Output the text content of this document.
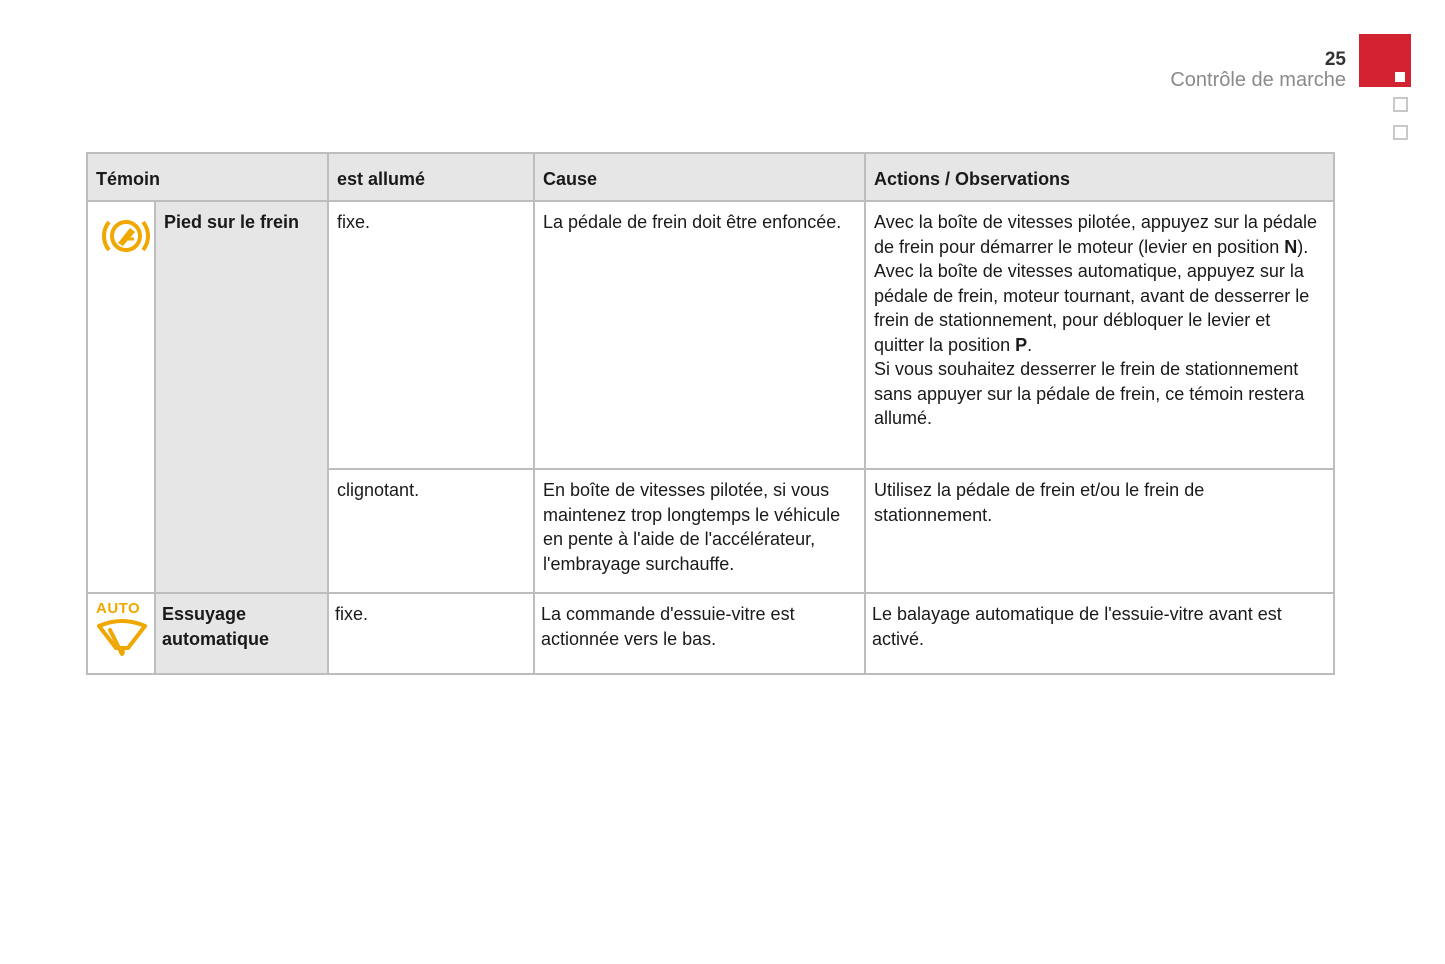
25
Contrôle de marche
Témoin		est allumé	Cause	Actions / Observations
	Pied sur le frein	fixe.	La pédale de frein doit être enfoncée.	Avec la boîte de vitesses pilotée, appuyez sur la pédale de frein pour démarrer le moteur (levier en position N).
Avec la boîte de vitesses automatique, appuyez sur la pédale de frein, moteur tournant, avant de desserrer le frein de stationnement, pour débloquer le levier et quitter la position P.
Si vous souhaitez desserrer le frein de stationnement sans appuyer sur la pédale de frein, ce témoin restera allumé.
		clignotant.	En boîte de vitesses pilotée, si vous maintenez trop longtemps le véhicule en pente à l'aide de l'accélérateur, l'embrayage surchauffe.	Utilisez la pédale de frein et/ou le frein de stationnement.

AUTO	Essuyage automatique	fixe.	La commande d'essuie-vitre est actionnée vers le bas.	Le balayage automatique de l'essuie-vitre avant est activé.
